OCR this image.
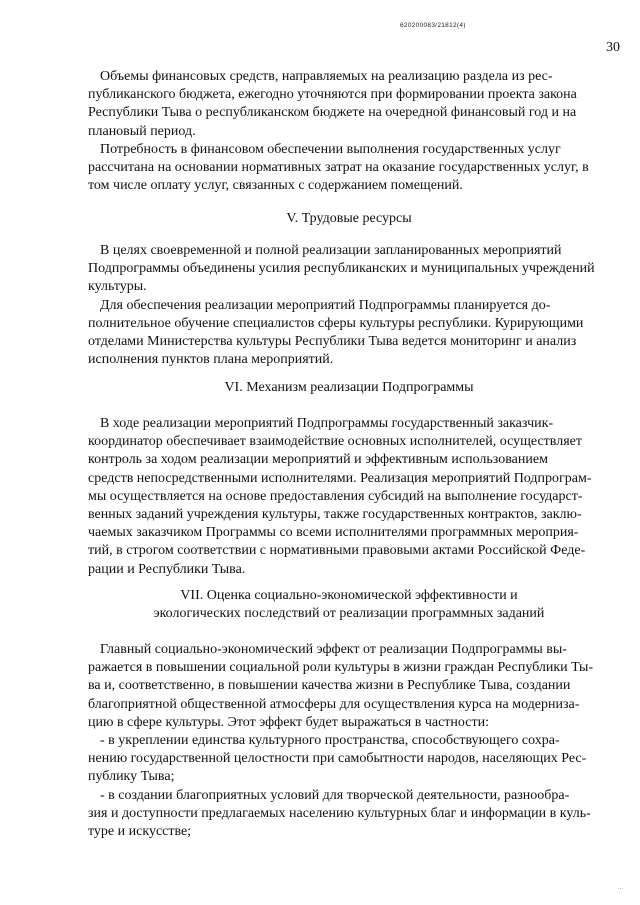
620200083/21812(4)
30

Объемы финансовых средств, направляемых на реализацию раздела из рес-

публиканского бюджета, ежегодно уточняются при формировании проекта закона

Республики Тыва о республиканском бюджете на очередной финансовый год и на

плановый период.

Потребность в финансовом обеспечении выполнения государственных услуг

рассчитана на основании нормативных затрат на оказание государственных услуг, в

том числе оплату услуг, связанных с содержанием помещений.

V. Трудовые ресурсы

В целях своевременной и полной реализации запланированных мероприятий

Подпрограммы объединены усилия республиканских и муниципальных учреждений

культуры.

Для обеспечения реализации мероприятий Подпрограммы планируется до-

полнительное обучение специалистов сферы культуры республики. Курирующими

отделами Министерства культуры Республики Тыва ведется мониторинг и анализ

исполнения пунктов плана мероприятий.

VI. Механизм реализации Подпрограммы

В ходе реализации мероприятий Подпрограммы государственный заказчик-

координатор обеспечивает взаимодействие основных исполнителей, осуществляет

контроль за ходом реализации мероприятий и эффективным использованием

средств непосредственными исполнителями. Реализация мероприятий Подпрограм-

мы осуществляется на основе предоставления субсидий на выполнение государст-

венных заданий учреждения культуры, также государственных контрактов, заклю-

чаемых заказчиком Программы со всеми исполнителями программных мероприя-

тий, в строгом соответствии с нормативными правовыми актами Российской Феде-

рации и Республики Тыва.

VII. Оценка социально-экономической эффективности и
экологических последствий от реализации программных заданий

Главный социально-экономический эффект от реализации Подпрограммы вы-

ражается в повышении социальной роли культуры в жизни граждан Республики Ты-

ва и, соответственно, в повышении качества жизни в Республике Тыва, создании

благоприятной общественной атмосферы для осуществления курса на модерниза-

цию в сфере культуры. Этот эффект будет выражаться в частности:

- в укреплении единства культурного пространства, способствующего сохра-

нению государственной целостности при самобытности народов, населяющих Рес-

публику Тыва;

- в создании благоприятных условий для творческой деятельности, разнообра-

зия и доступности предлагаемых населению культурных благ и информации в куль-

туре и искусстве;

...
